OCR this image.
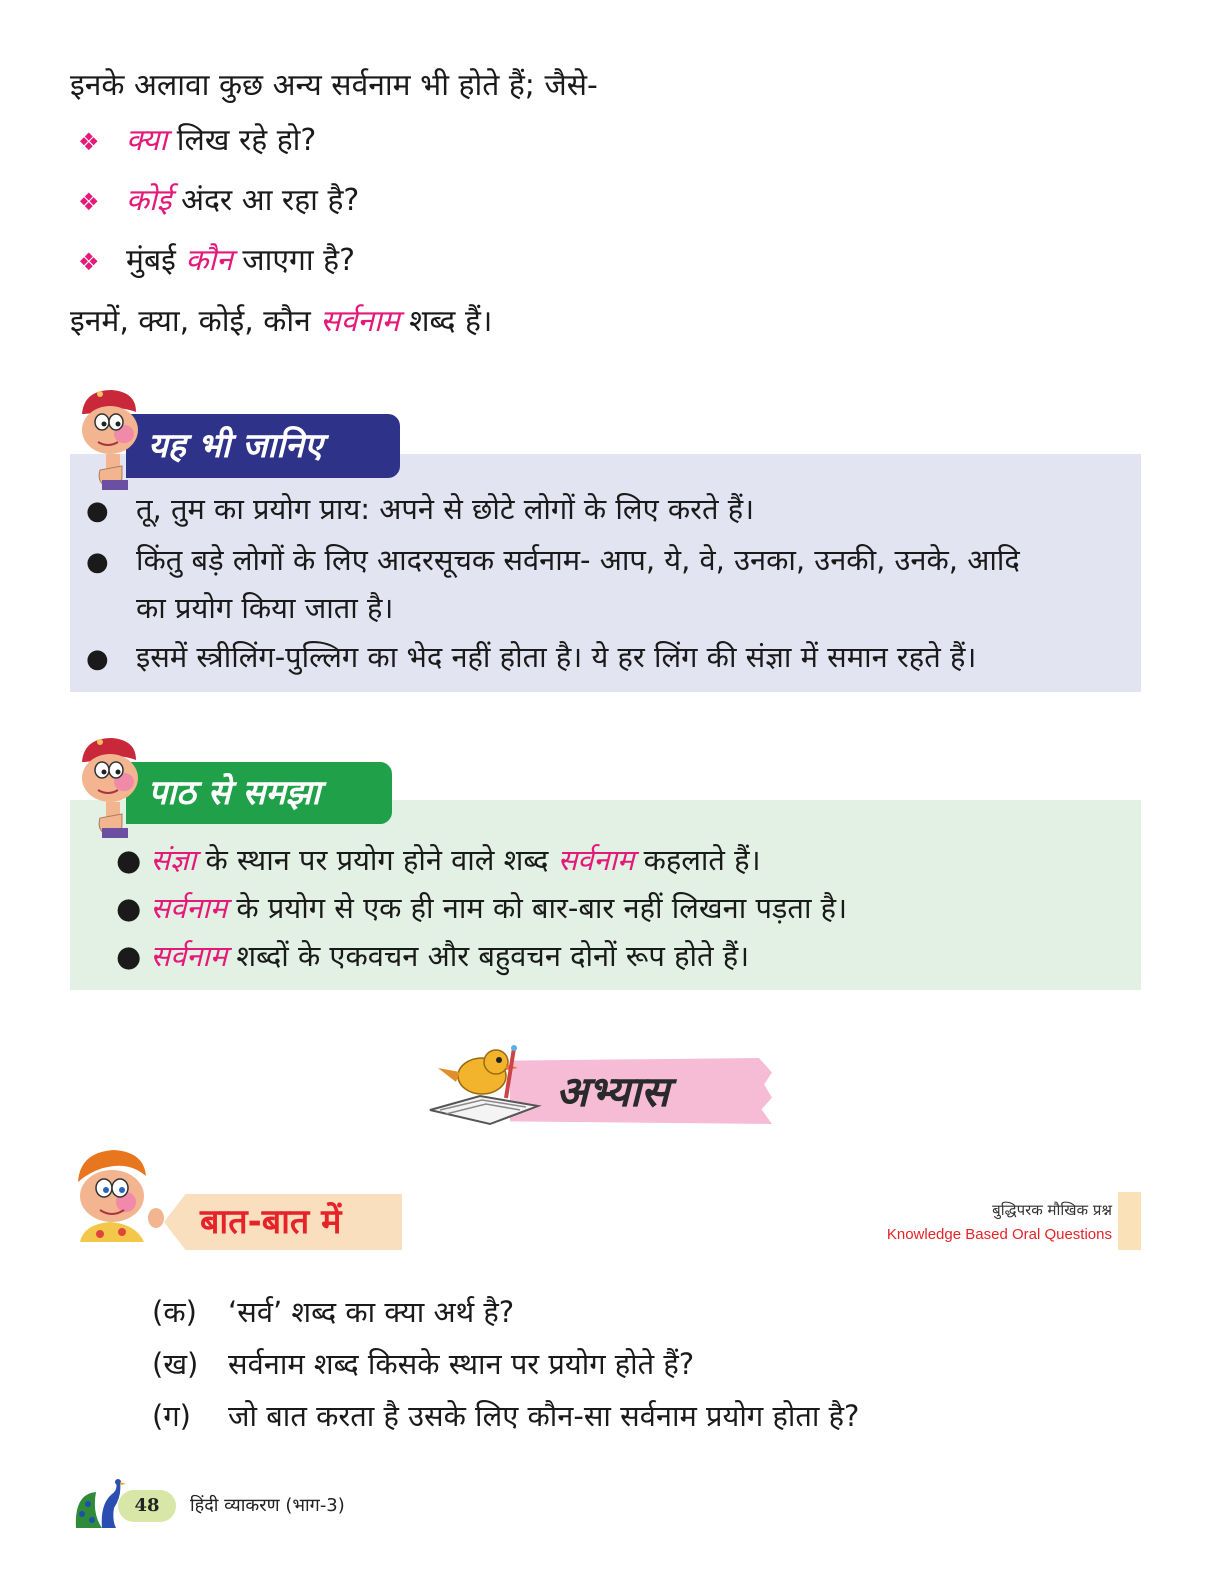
इनके अलावा कुछ अन्य सर्वनाम भी होते हैं; जैसे-
❖ क्या लिख रहे हो?
❖ कोई अंदर आ रहा है?
❖ मुंबई कौन जाएगा है?
इनमें, क्या, कोई, कौन सर्वनाम शब्द हैं।
यह भी जानिए
● तू, तुम का प्रयोग प्राय: अपने से छोटे लोगों के लिए करते हैं।
● किंतु बड़े लोगों के लिए आदरसूचक सर्वनाम- आप, ये, वे, उनका, उनकी, उनके, आदि
का प्रयोग किया जाता है।
● इसमें स्त्रीलिंग-पुल्लिग का भेद नहीं होता है। ये हर लिंग की संज्ञा में समान रहते हैं।
पाठ से समझा
● संज्ञा के स्थान पर प्रयोग होने वाले शब्द सर्वनाम कहलाते हैं।
● सर्वनाम के प्रयोग से एक ही नाम को बार-बार नहीं लिखना पड़ता है।
● सर्वनाम शब्दों के एकवचन और बहुवचन दोनों रूप होते हैं।
अभ्यास
बात-बात में	बुद्धिपरक मौखिक प्रश्न
Knowledge Based Oral Questions
(क) ‘सर्व’ शब्द का क्या अर्थ है?
(ख) सर्वनाम शब्द किसके स्थान पर प्रयोग होते हैं?
(ग) जो बात करता है उसके लिए कौन-सा सर्वनाम प्रयोग होता है?
48	हिंदी व्याकरण (भाग-3)
